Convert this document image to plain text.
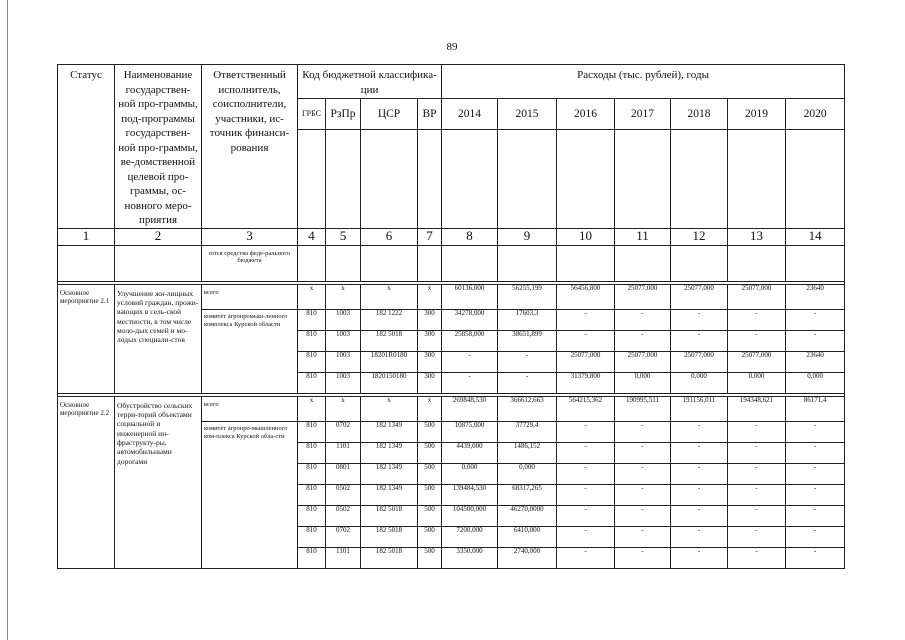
89
Статус	Наименование государствен-ной про-граммы, под-программы государствен-ной про-граммы, ве-домственной целевой про-граммы, ос-новного меро-приятия	Ответственный исполнитель, соисполнители, участники, ис-точник финанси-рования	Код бюджетной классифика-ции				Расходы (тыс. рублей), годы						
			ГРБС	РзПр	ЦСР	ВР	2014	2015	2016	2017	2018	2019	2020

1	2	3	4	5	6	7	8	9	10	11	12	13	14
		ются средства феде-рального бюджета											

Основное мероприятие 2.1	Улучшение жи-лищных условий граждан, прожи-вающих в сель-ской местности, в том числе моло-дых семей и мо-лодых специали-стов	всего	х	х	х	х	60136,000	56255,199	56456,800	25077,000	25077,000	25077,000	23640
		комитет агропромыш-ленного комплекса Курской области	810	1003	182 1222	300	34278,000	17603,3	-	-	-	-	-
			810	1003	182 5018	300	25858,000	38651,899	-	-	-	-	-
			810	1003	18201R0180	300	-	-	25077,000	25077,000	25077,000	25077,000	23640
			810	1003	1820150180	300	-	-	31379,800	0,000	0,000	0,000	0,000

Основное мероприятие 2.2	Обустройство сельских терри-торий объектами социальной и инженерной ин-фраструкту-ры, автомобильными дорогами	всего	х	х	х	х	269848,530	366612,663	564215,362	190995,511	191156,011	194348,621	86171,4
		комитет агропро-мышленного ком-плекса Курской обла-сти	810	0702	182 1349	500	10875,000	37729,4	-	-	-	-	-
			810	1101	182 1349	500	4439,000	1486,152	-	-	-	-	-
			810	0801	182 1349	500	0,000	0,000	-	-	-	-	-
			810	0502	182 1349	500	139484,530	68317,265	-	-	-	-	-
			810	0502	182 5018	500	104500,000	46270,0000	-	-	-	-	-
			810	0702	182 5018	500	7200,000	6410,000	-	-	-	-	-
			810	1101	182 5018	500	3350,000	2740,000	-	-	-	-	-
